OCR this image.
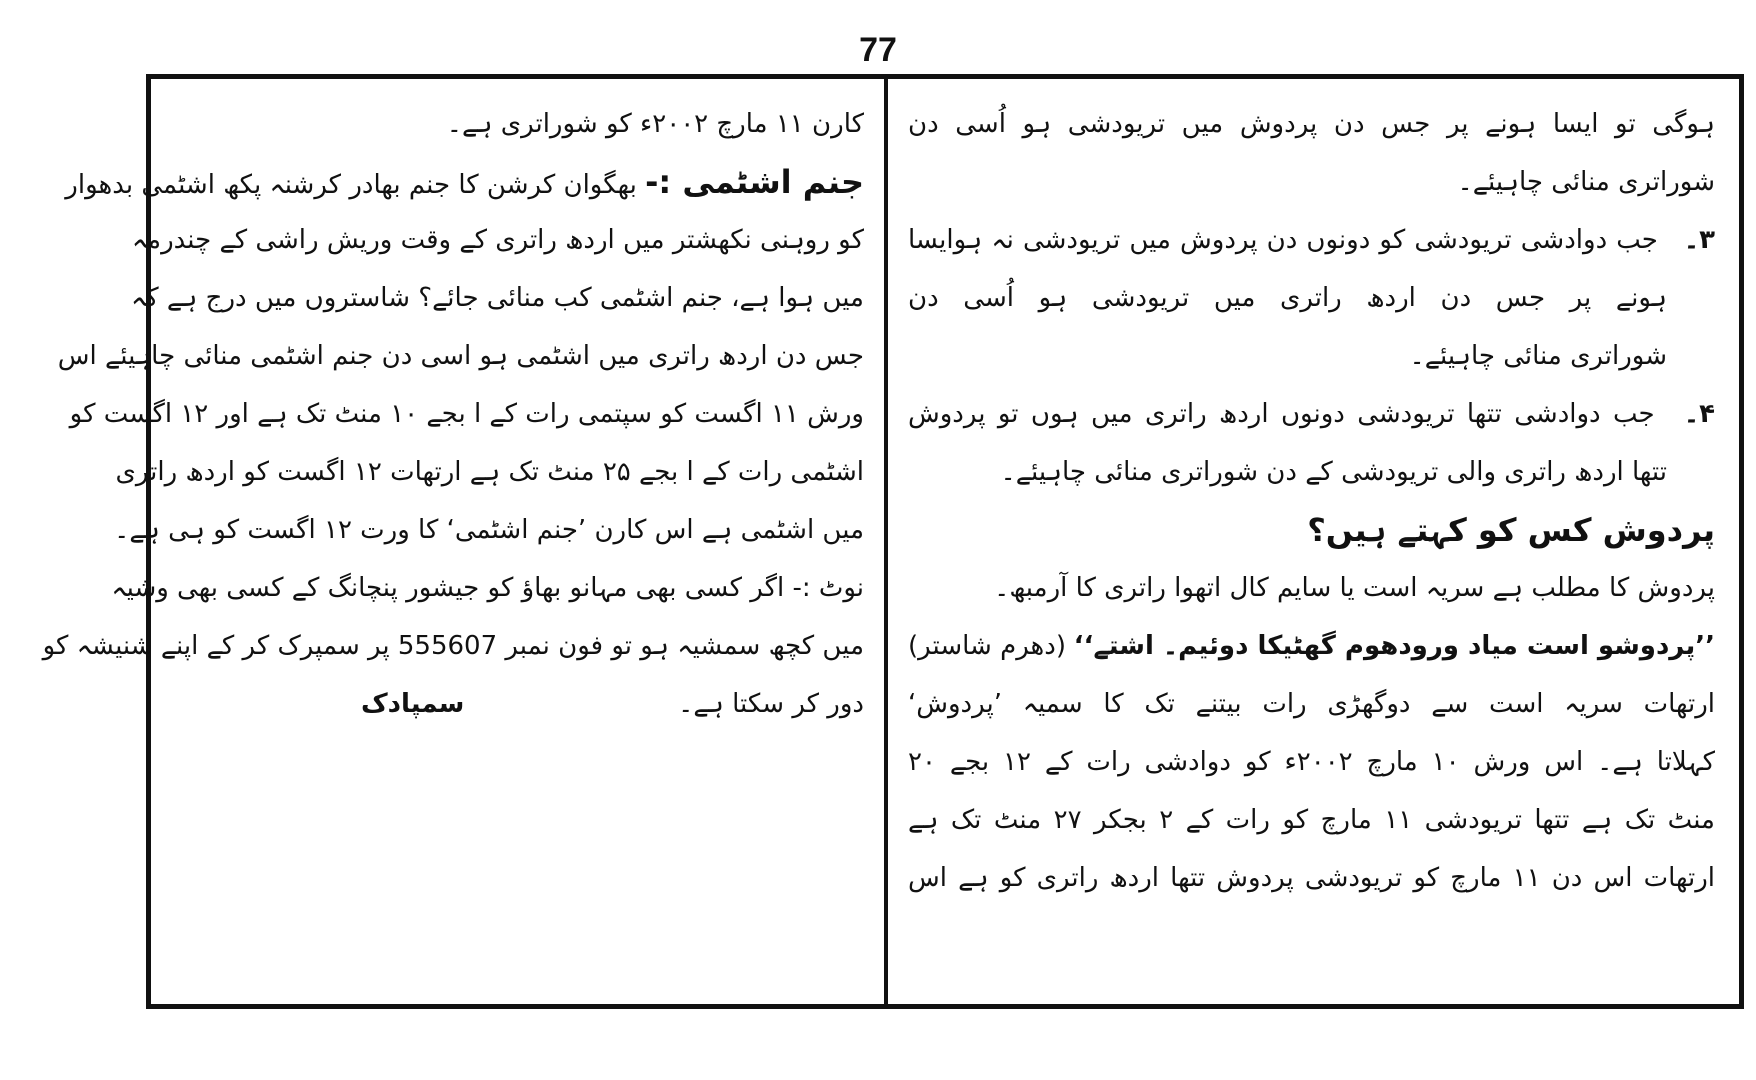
77
کارن ۱۱ مارچ ۲۰۰۲ء کو شوراتری ہے۔
جنم اشٹمی :- بھگوان کرشن کا جنم بھادر کرشنہ پکھ اشٹمی بدھوار
کو روہنی نکھشتر میں اردھ راتری کے وقت وریش راشی کے چندرمہ
میں ہوا ہے، جنم اشٹمی کب منائی جائے؟ شاستروں میں درج ہے کہ
جس دن اردھ راتری میں اشٹمی ہو اسی دن جنم اشٹمی منائی چاہیئے اس
ورش ۱۱ اگست کو سپتمی رات کے ا بجے ۱۰ منٹ تک ہے اور ۱۲ اگست کو
اشٹمی رات کے ا بجے ۲۵ منٹ تک ہے ارتھات ۱۲ اگست کو اردھ راتری
میں اشٹمی ہے اس کارن ’جنم اشٹمی‘ کا ورت ۱۲ اگست کو ہی ہے۔
نوٹ :- اگر کسی بھی مہانو بھاؤ کو جیشور پنچانگ کے کسی بھی وشیہ
میں کچھ سمشیہ ہو تو فون نمبر 555607 پر سمپرک کر کے اپنے شنیشہ کو
دور کر سکتا ہے۔
سمپادک
ہوگی تو ایسا ہونے پر جس دن پردوش میں تریودشی ہو اُسی دن
شوراتری منائی چاہیئے۔
۳۔ جب دوادشی تریودشی کو دونوں دن پردوش میں تریودشی نہ ہوایسا
ہونے پر جس دن اردھ راتری میں تریودشی ہو اُسی دن
شوراتری منائی چاہیئے۔
۴۔ جب دوادشی تتھا تریودشی دونوں اردھ راتری میں ہوں تو پردوش
تتھا اردھ راتری والی تریودشی کے دن شوراتری منائی چاہیئے۔
پردوش کس کو کہتے ہیں؟
پردوش کا مطلب ہے سریہ است یا سایم کال اتھوا راتری کا آرمبھ۔
’’پردوشو است میاد ورودھوم گھٹیکا دوئیم۔ اشتے‘‘
(دھرم شاستر)
ارتھات سریہ است سے دوگھڑی رات بیتنے تک کا سمیہ ’پردوش‘
کہلاتا ہے۔ اس ورش ۱۰ مارچ ۲۰۰۲ء کو دوادشی رات کے ۱۲ بجے ۲۰
منٹ تک ہے تتھا تریودشی ۱۱ مارچ کو رات کے ۲ بجکر ۲۷ منٹ تک ہے
ارتھات اس دن ۱۱ مارچ کو تریودشی پردوش تتھا اردھ راتری کو ہے اس
